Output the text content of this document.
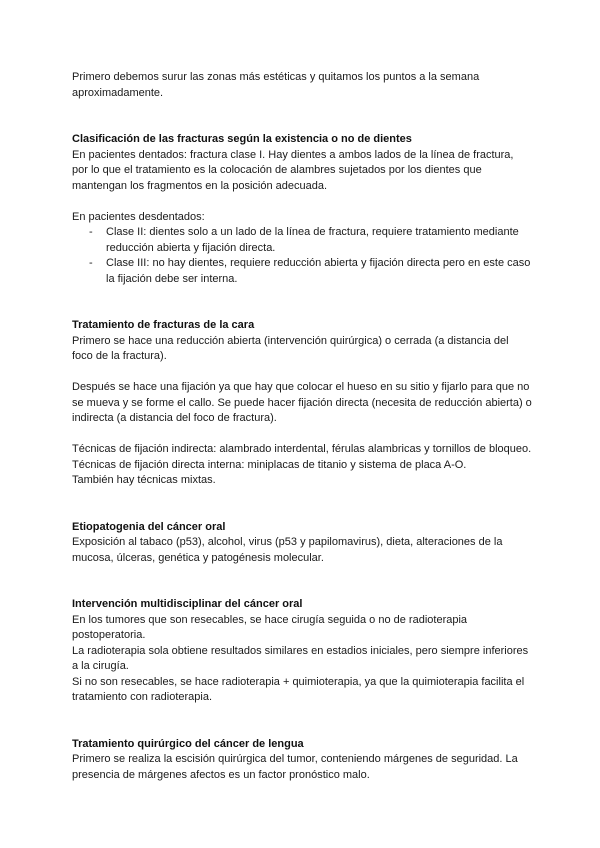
Primero debemos surur las zonas más estéticas y quitamos los puntos a la semana aproximadamente.

Clasificación de las fracturas según la existencia o no de dientes

En pacientes dentados: fractura clase I. Hay dientes a ambos lados de la línea de fractura, por lo que el tratamiento es la colocación de alambres sujetados por los dientes que mantengan los fragmentos en la posición adecuada.

En pacientes desdentados:

- Clase II: dientes solo a un lado de la línea de fractura, requiere tratamiento mediante reducción abierta y fijación directa.
- Clase III: no hay dientes, requiere reducción abierta y fijación directa pero en este caso la fijación debe ser interna.
Tratamiento de fracturas de la cara

Primero se hace una reducción abierta (intervención quirúrgica) o cerrada (a distancia del foco de la fractura).

Después se hace una fijación ya que hay que colocar el hueso en su sitio y fijarlo para que no se mueva y se forme el callo. Se puede hacer fijación directa (necesita de reducción abierta) o indirecta (a distancia del foco de fractura).

Técnicas de fijación indirecta: alambrado interdental, férulas alambricas y tornillos de bloqueo.

Técnicas de fijación directa interna: miniplacas de titanio y sistema de placa A-O.

También hay técnicas mixtas.

Etiopatogenia del cáncer oral

Exposición al tabaco (p53), alcohol, virus (p53 y papilomavirus), dieta, alteraciones de la mucosa, úlceras, genética y patogénesis molecular.

Intervención multidisciplinar del cáncer oral

En los tumores que son resecables, se hace cirugía seguida o no de radioterapia postoperatoria.

La radioterapia sola obtiene resultados similares en estadios iniciales, pero siempre inferiores a la cirugía.

Si no son resecables, se hace radioterapia + quimioterapia, ya que la quimioterapia facilita el tratamiento con radioterapia.

Tratamiento quirúrgico del cáncer de lengua

Primero se realiza la escisión quirúrgica del tumor, conteniendo márgenes de seguridad. La presencia de márgenes afectos es un factor pronóstico malo.
